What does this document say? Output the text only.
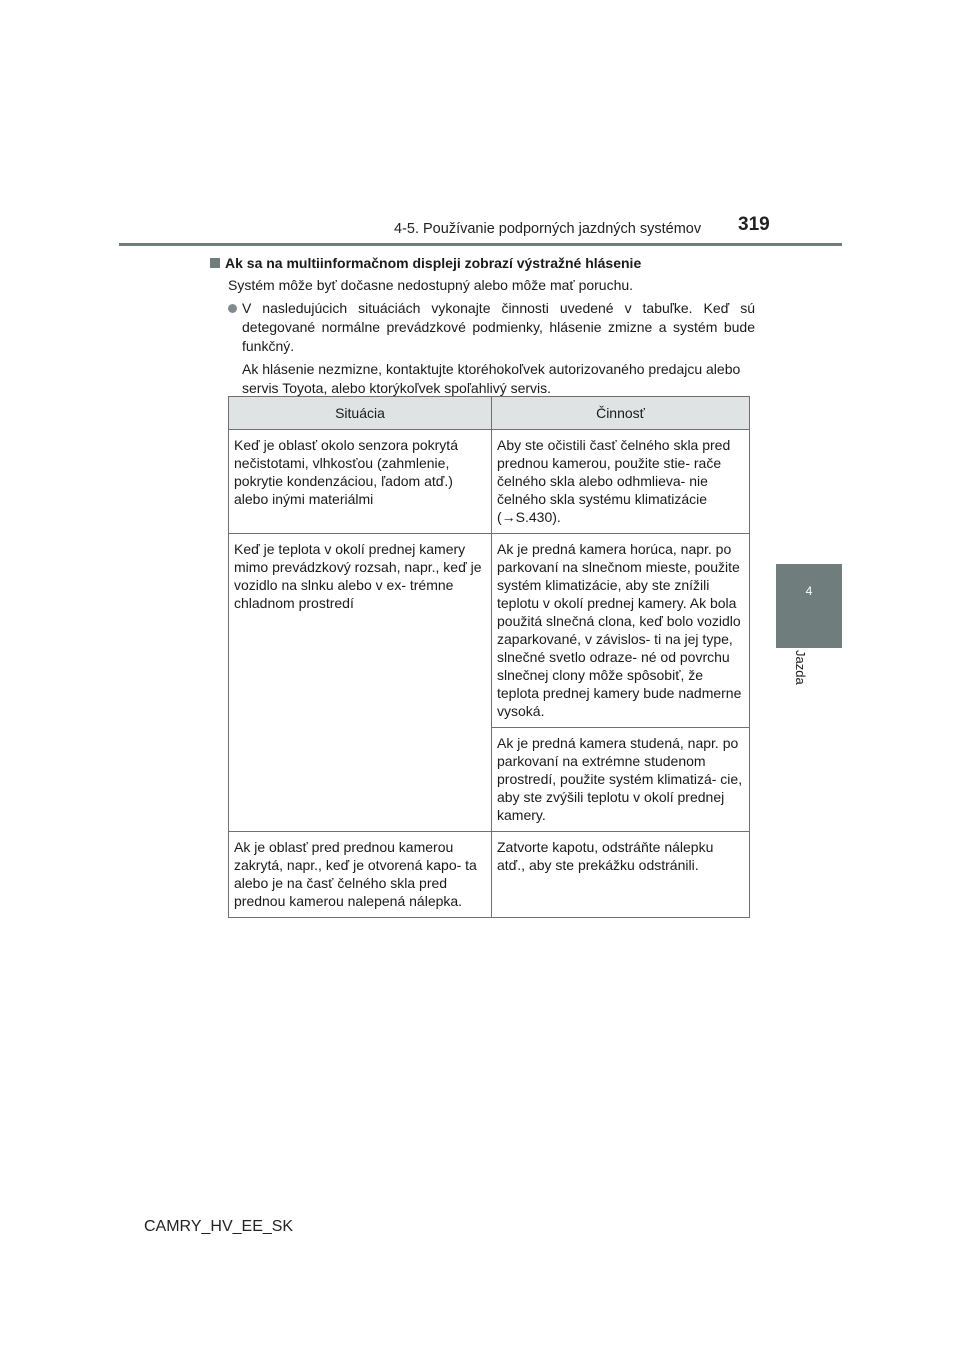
4-5. Používanie podporných jazdných systémov 319
4
Jazda
Ak sa na multiinformačnom displeji zobrazí výstražné hlásenie
Systém môže byť dočasne nedostupný alebo môže mať poruchu.
V nasledujúcich situáciách vykonajte činnosti uvedené v tabuľke. Keď sú detegované normálne prevádzkové podmienky, hlásenie zmizne a systém bude funkčný.
Ak hlásenie nezmizne, kontaktujte ktoréhokoľvek autorizovaného predajcu alebo servis Toyota, alebo ktorýkoľvek spoľahlivý servis.
Situácia	Činnosť
Keď je oblasť okolo senzora pokrytá nečistotami, vlhkosťou (zahmlenie, pokrytie kondenzáciou, ľadom atď.) alebo inými materiálmi	Aby ste očistili časť čelného skla pred prednou kamerou, použite stie- rače čelného skla alebo odhmlieva- nie čelného skla systému klimatizácie (→S.430).
Keď je teplota v okolí prednej kamery mimo prevádzkový rozsah, napr., keď je vozidlo na slnku alebo v ex- trémne chladnom prostredí	Ak je predná kamera horúca, napr. po parkovaní na slnečnom mieste, použite systém klimatizácie, aby ste znížili teplotu v okolí prednej kamery. Ak bola použitá slnečná clona, keď bolo vozidlo zaparkované, v závislos- ti na jej type, slnečné svetlo odraze- né od povrchu slnečnej clony môže spôsobiť, že teplota prednej kamery bude nadmerne vysoká.
	Ak je predná kamera studená, napr. po parkovaní na extrémne studenom prostredí, použite systém klimatizá- cie, aby ste zvýšili teplotu v okolí prednej kamery.
Ak je oblasť pred prednou kamerou zakrytá, napr., keď je otvorená kapo- ta alebo je na časť čelného skla pred prednou kamerou nalepená nálepka.	Zatvorte kapotu, odstráňte nálepku atď., aby ste prekážku odstránili.
CAMRY_HV_EE_SK
